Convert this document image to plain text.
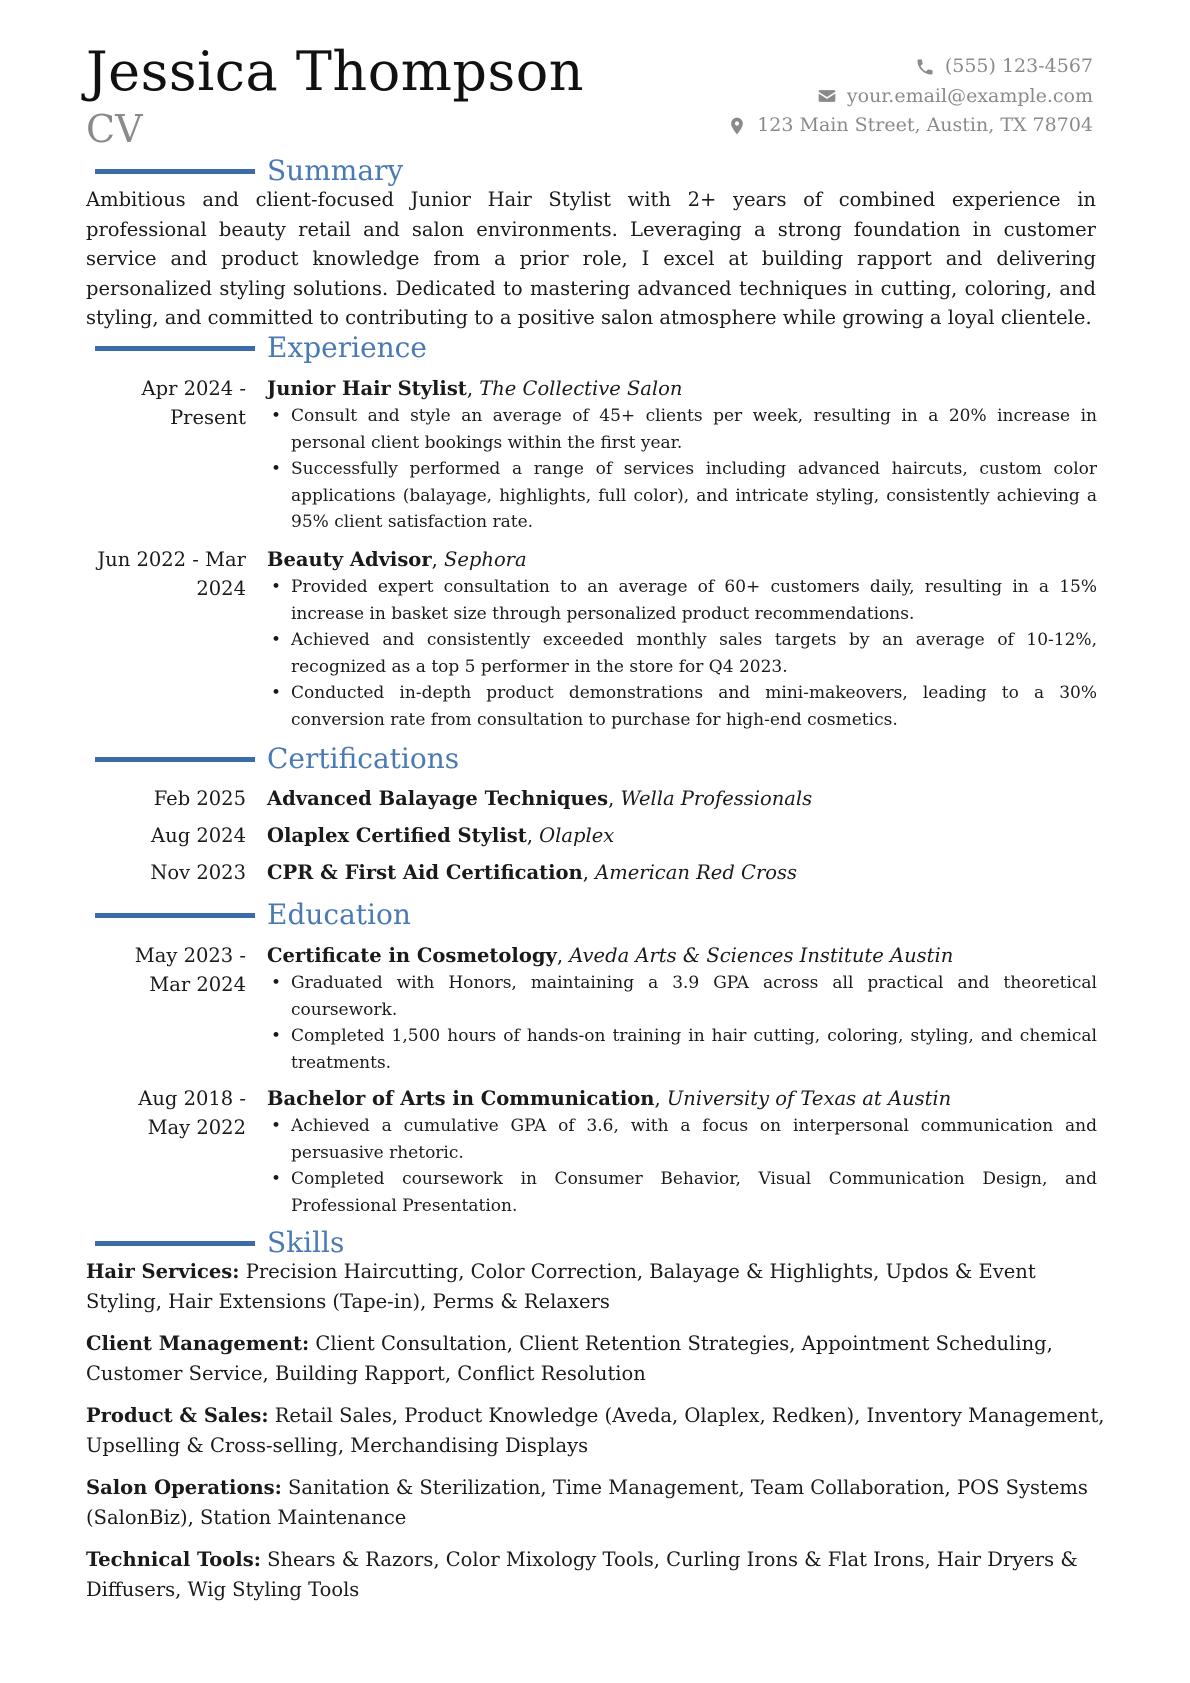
Jessica Thompson
CV
(555) 123-4567
your.email@example.com
123 Main Street, Austin, TX 78704
Summary

Ambitious and client-focused Junior Hair Stylist with 2+ years of combined experience in professional beauty retail and salon environments. Leveraging a strong foundation in customer service and product knowledge from a prior role, I excel at building rapport and delivering personalized styling solutions. Dedicated to mastering advanced techniques in cutting, coloring, and styling, and committed to contributing to a positive salon atmosphere while growing a loyal clientele.

Experience
Apr 2024 -
Present
Junior Hair Stylist, The Collective Salon
• Consult and style an average of 45+ clients per week, resulting in a 20% increase in personal client bookings within the first year.
• Successfully performed a range of services including advanced haircuts, custom color applications (balayage, highlights, full color), and intricate styling, consistently achieving a 95% client satisfaction rate.
Jun 2022 - Mar
2024
Beauty Advisor, Sephora
• Provided expert consultation to an average of 60+ customers daily, resulting in a 15% increase in basket size through personalized product recommendations.
• Achieved and consistently exceeded monthly sales targets by an average of 10-12%, recognized as a top 5 performer in the store for Q4 2023.
• Conducted in-depth product demonstrations and mini-makeovers, leading to a 30% conversion rate from consultation to purchase for high-end cosmetics.
Certifications
Feb 2025 Advanced Balayage Techniques, Wella Professionals
Aug 2024 Olaplex Certified Stylist, Olaplex
Nov 2023 CPR & First Aid Certification, American Red Cross
Education
May 2023 -
Mar 2024
Certificate in Cosmetology, Aveda Arts & Sciences Institute Austin
• Graduated with Honors, maintaining a 3.9 GPA across all practical and theoretical coursework.
• Completed 1,500 hours of hands-on training in hair cutting, coloring, styling, and chemical treatments.
Aug 2018 -
May 2022
Bachelor of Arts in Communication, University of Texas at Austin
• Achieved a cumulative GPA of 3.6, with a focus on interpersonal communication and persuasive rhetoric.
• Completed coursework in Consumer Behavior, Visual Communication Design, and Professional Presentation.
Skills

Hair Services: Precision Haircutting, Color Correction, Balayage & Highlights, Updos & Event Styling, Hair Extensions (Tape-in), Perms & Relaxers

Client Management: Client Consultation, Client Retention Strategies, Appointment Scheduling, Customer Service, Building Rapport, Conflict Resolution

Product & Sales: Retail Sales, Product Knowledge (Aveda, Olaplex, Redken), Inventory Management, Upselling & Cross-selling, Merchandising Displays

Salon Operations: Sanitation & Sterilization, Time Management, Team Collaboration, POS Systems (SalonBiz), Station Maintenance

Technical Tools: Shears & Razors, Color Mixology Tools, Curling Irons & Flat Irons, Hair Dryers & Diffusers, Wig Styling Tools
